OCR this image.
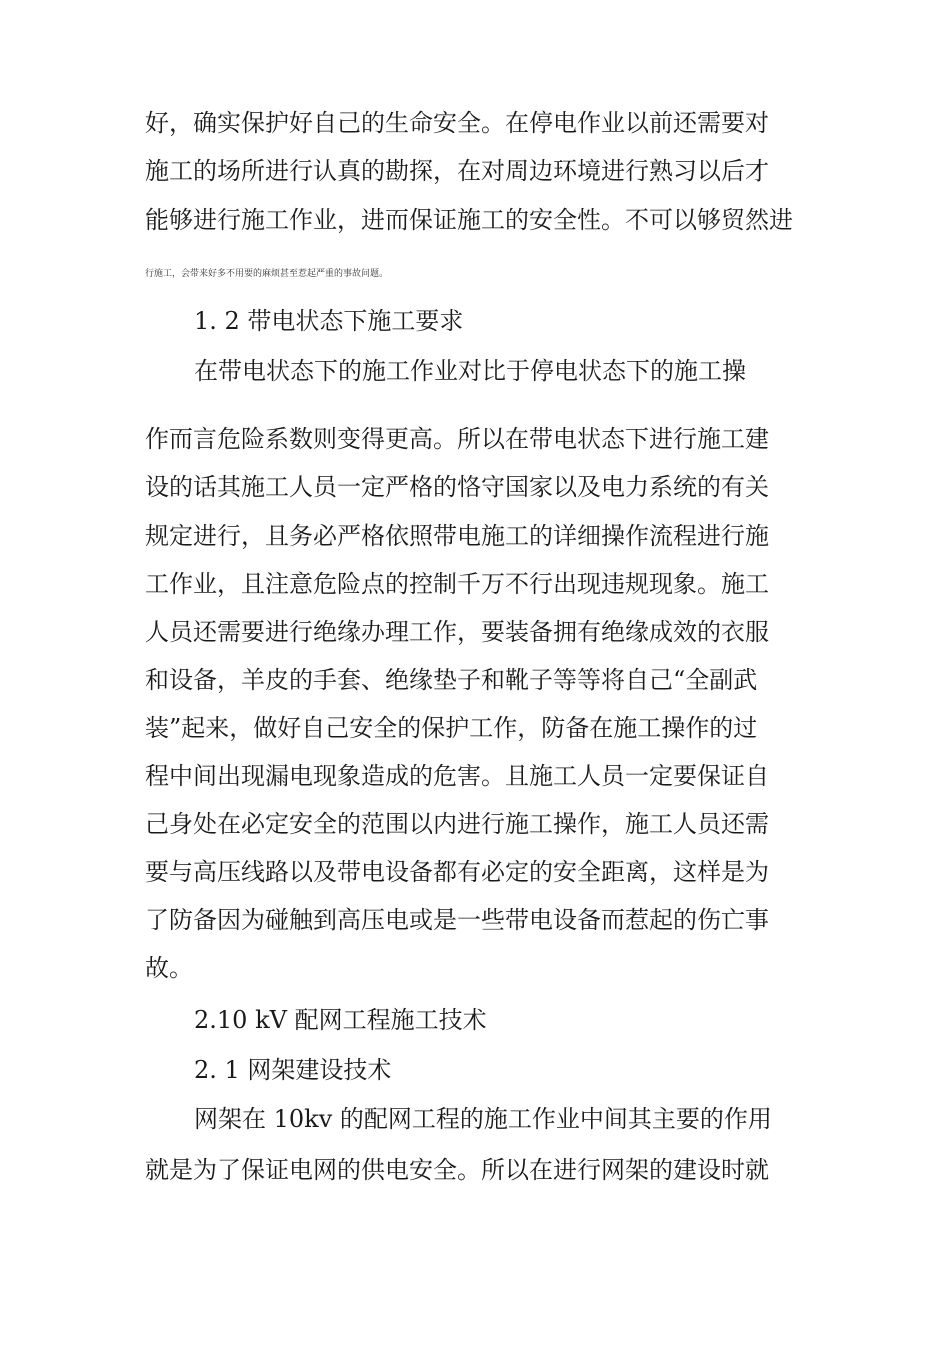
好，确实保护好自己的生命安全。在停电作业以前还需要对
施工的场所进行认真的勘探，在对周边环境进行熟习以后才
能够进行施工作业，进而保证施工的安全性。不可以够贸然进
行施工，会带来好多不用要的麻烦甚至惹起严重的事故问题。
1. 2 带电状态下施工要求
在带电状态下的施工作业对比于停电状态下的施工操
作而言危险系数则变得更高。所以在带电状态下进行施工建
设的话其施工人员一定严格的恪守国家以及电力系统的有关
规定进行，且务必严格依照带电施工的详细操作流程进行施
工作业，且注意危险点的控制千万不行出现违规现象。施工
人员还需要进行绝缘办理工作，要装备拥有绝缘成效的衣服
和设备，羊皮的手套、绝缘垫子和靴子等等将自己“全副武
装”起来，做好自己安全的保护工作，防备在施工操作的过
程中间出现漏电现象造成的危害。且施工人员一定要保证自
己身处在必定安全的范围以内进行施工操作，施工人员还需
要与高压线路以及带电设备都有必定的安全距离，这样是为
了防备因为碰触到高压电或是一些带电设备而惹起的伤亡事
故。
2.10 kV 配网工程施工技术
2. 1 网架建设技术
网架在 10kv 的配网工程的施工作业中间其主要的作用
就是为了保证电网的供电安全。所以在进行网架的建设时就
